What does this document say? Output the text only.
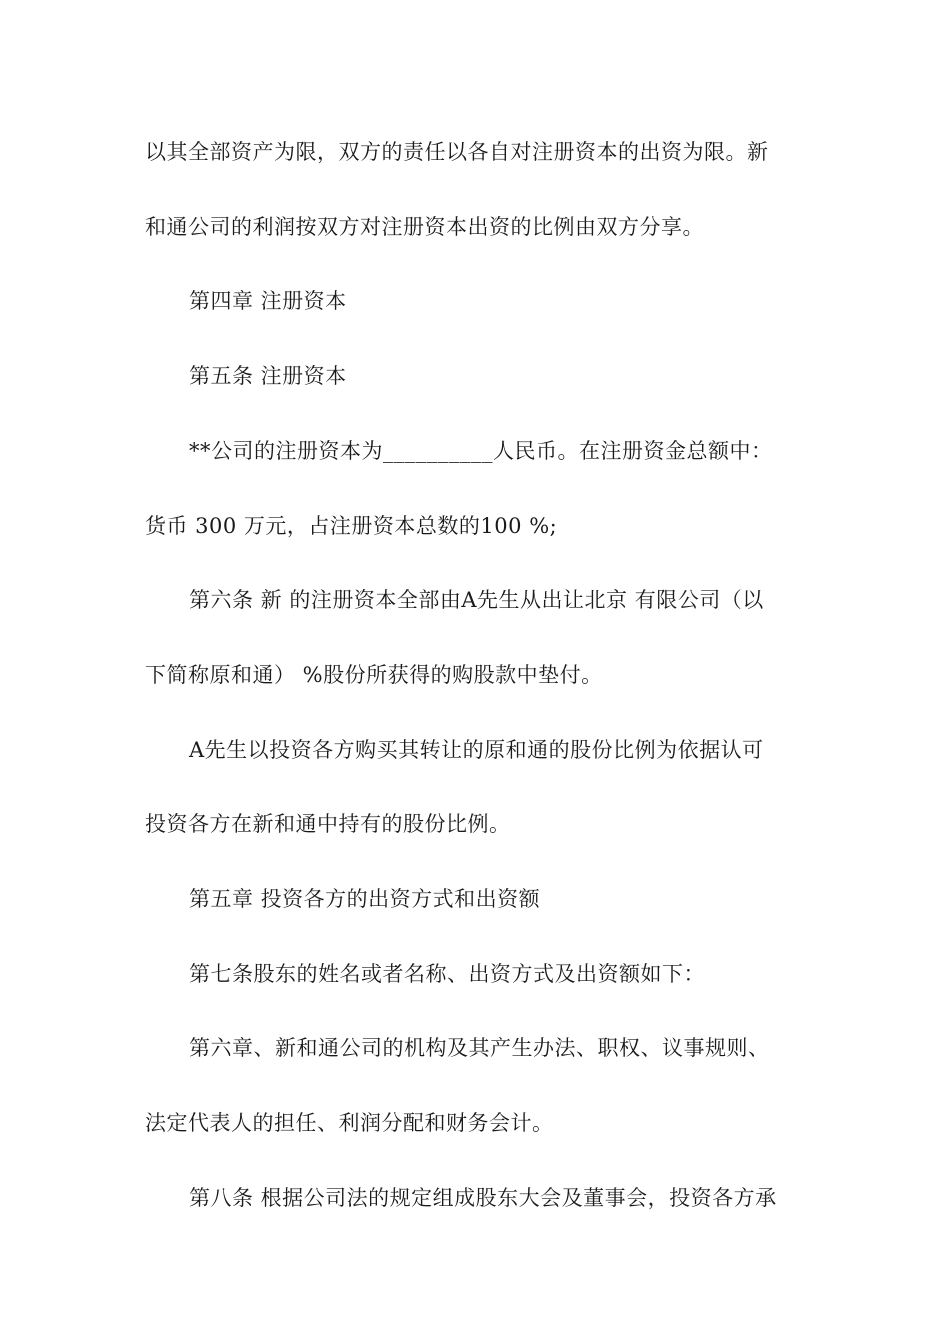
以其全部资产为限，双方的责任以各自对注册资本的出资为限。新
和通公司的利润按双方对注册资本出资的比例由双方分享。
第四章 注册资本
第五条 注册资本
**公司的注册资本为__________人民币。在注册资金总额中：
货币 300 万元，占注册资本总数的100 %;
第六条 新 的注册资本全部由A先生从出让北京 有限公司（以
下简称原和通） %股份所获得的购股款中垫付。
A先生以投资各方购买其转让的原和通的股份比例为依据认可
投资各方在新和通中持有的股份比例。
第五章 投资各方的出资方式和出资额
第七条股东的姓名或者名称、出资方式及出资额如下：
第六章、新和通公司的机构及其产生办法、职权、议事规则、
法定代表人的担任、利润分配和财务会计。
第八条 根据公司法的规定组成股东大会及董事会，投资各方承
